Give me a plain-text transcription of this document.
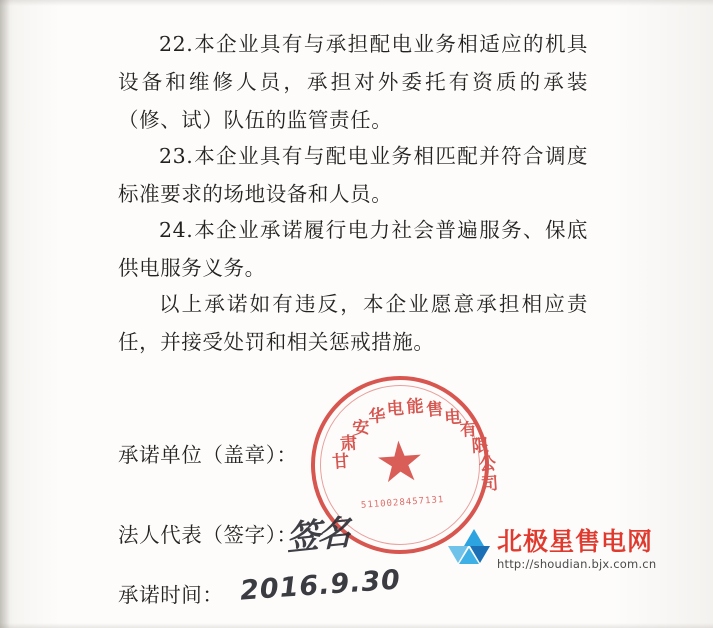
22.本企业具有与承担配电业务相适应的机具设备和维修人员，承担对外委托有资质的承装（修、试）队伍的监管责任。

23.本企业具有与配电业务相匹配并符合调度标准要求的场地设备和人员。

24.本企业承诺履行电力社会普遍服务、保底供电服务义务。

以上承诺如有违反，本企业愿意承担相应责任，并接受处罚和相关惩戒措施。

承诺单位（盖章）：
法人代表（签字）：
承诺时间：
甘
肃
安
华 电 能 售 电
有
限
公
司
★
5110028457131
签名
2016.9.30
北极星售电网
http://shoudian.bjx.com.cn
